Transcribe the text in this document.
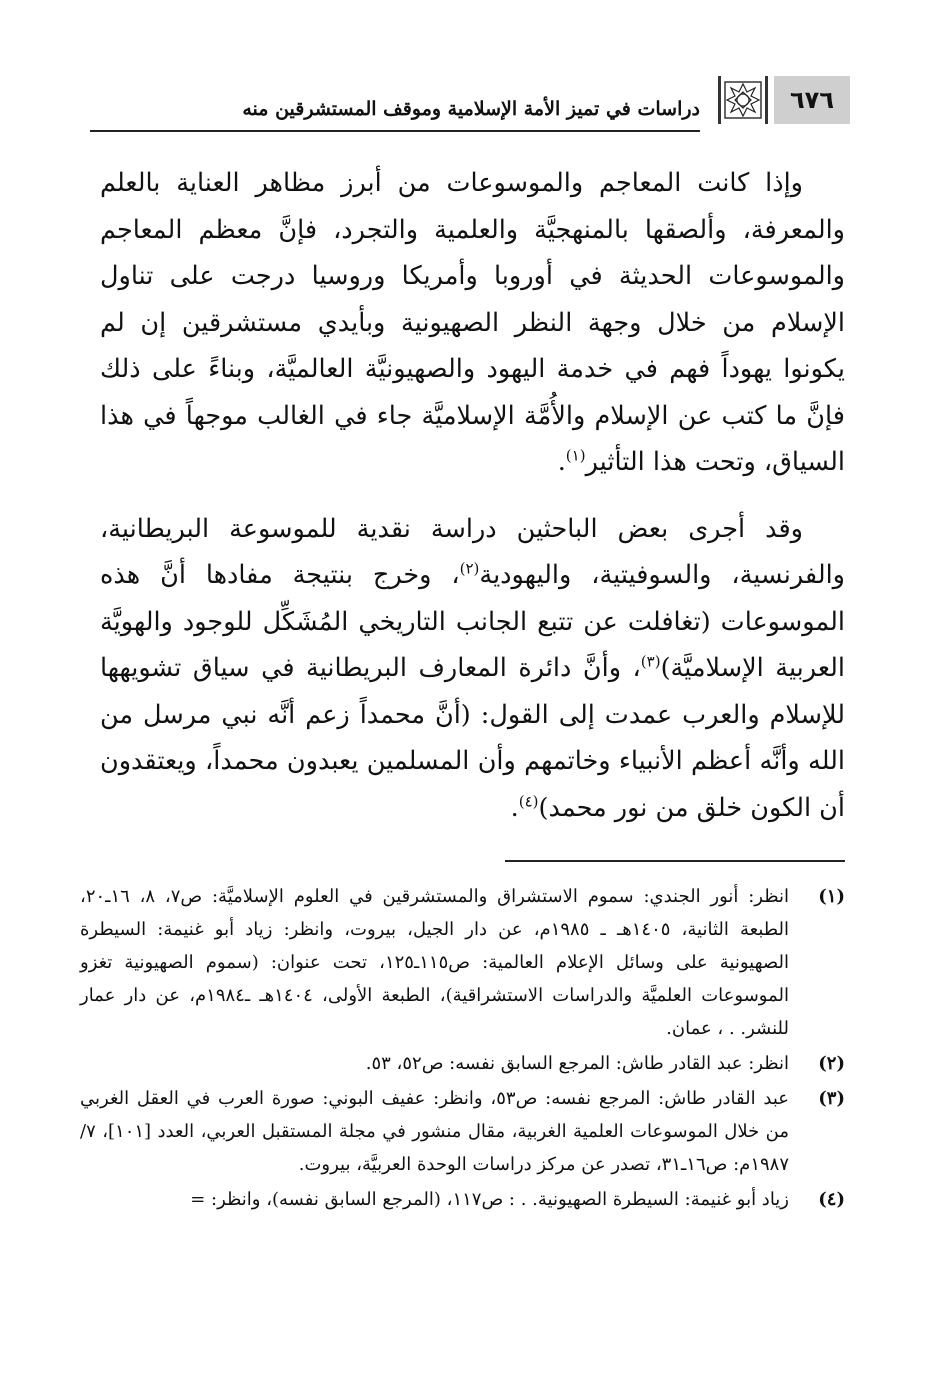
٦٧٦
دراسات في تميز الأمة الإسلامية وموقف المستشرقين منه

وإذا كانت المعاجم والموسوعات من أبرز مظاهر العناية بالعلم والمعرفة، وألصقها بالمنهجيَّة والعلمية والتجرد، فإنَّ معظم المعاجم والموسوعات الحديثة في أوروبا وأمريكا وروسيا درجت على تناول الإسلام من خلال وجهة النظر الصهيونية وبأيدي مستشرقين إن لم يكونوا يهوداً فهم في خدمة اليهود والصهيونيَّة العالميَّة، وبناءً على ذلك فإنَّ ما كتب عن الإسلام والأُمَّة الإسلاميَّة جاء في الغالب موجهاً في هذا السياق، وتحت هذا التأثير$^{(١)}$.

وقد أجرى بعض الباحثين دراسة نقدية للموسوعة البريطانية، والفرنسية، والسوفيتية، واليهودية$^{(٢)}$، وخرج بنتيجة مفادها أنَّ هذه الموسوعات (تغافلت عن تتبع الجانب التاريخي المُشَكِّل للوجود والهويَّة العربية الإسلاميَّة)$^{(٣)}$، وأنَّ دائرة المعارف البريطانية في سياق تشويهها للإسلام والعرب عمدت إلى القول: (أنَّ محمداً زعم أنَّه نبي مرسل من الله وأنَّه أعظم الأنبياء وخاتمهم وأن المسلمين يعبدون محمداً، ويعتقدون أن الكون خلق من نور محمد)$^{(٤)}$.

(١)
انظر: أنور الجندي: سموم الاستشراق والمستشرقين في العلوم الإسلاميَّة: ص٧، ٨، ١٦ـ٢٠، الطبعة الثانية، ١٤٠٥هـ ـ ١٩٨٥م، عن دار الجيل، بيروت، وانظر: زياد أبو غنيمة: السيطرة الصهيونية على وسائل الإعلام العالمية: ص١١٥ـ١٢٥، تحت عنوان: (سموم الصهيونية تغزو الموسوعات العلميَّة والدراسات الاستشراقية)، الطبعة الأولى، ١٤٠٤هـ ـ١٩٨٤م، عن دار عمار للنشر. . ، عمان.
(٢)
انظر: عبد القادر طاش: المرجع السابق نفسه: ص٥٢، ٥٣.
(٣)
عبد القادر طاش: المرجع نفسه: ص٥٣، وانظر: عفيف البوني: صورة العرب في العقل الغربي من خلال الموسوعات العلمية الغربية، مقال منشور في مجلة المستقبل العربي، العدد [١٠١]، ٧/ ١٩٨٧م: ص١٦ـ٣١، تصدر عن مركز دراسات الوحدة العربيَّة، بيروت.
(٤)
زياد أبو غنيمة: السيطرة الصهيونية. . : ص١١٧، (المرجع السابق نفسه)، وانظر: =
